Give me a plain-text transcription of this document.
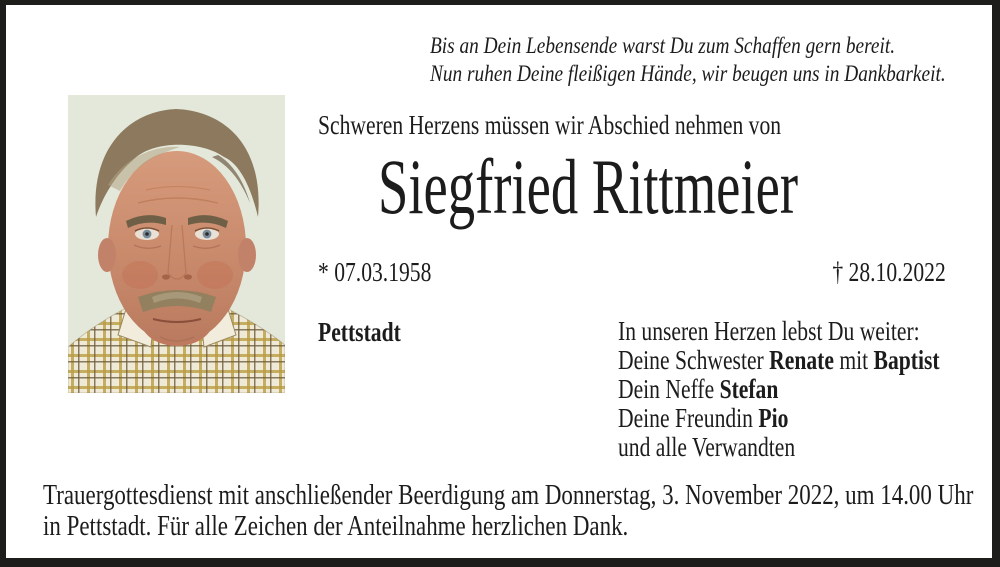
Bis an Dein Lebensende warst Du zum Schaffen gern bereit.
Nun ruhen Deine fleißigen Hände, wir beugen uns in Dankbarkeit.
Schweren Herzens müssen wir Abschied nehmen von
Siegfried Rittmeier
* 07.03.1958	† 28.10.2022
Pettstadt	In unseren Herzen lebst Du weiter:
Deine Schwester Renate mit Baptist
Dein Neffe Stefan
Deine Freundin Pio
und alle Verwandten
Trauergottesdienst mit anschließender Beerdigung am Donnerstag, 3. November 2022, um 14.00 Uhr
in Pettstadt. Für alle Zeichen der Anteilnahme herzlichen Dank.
